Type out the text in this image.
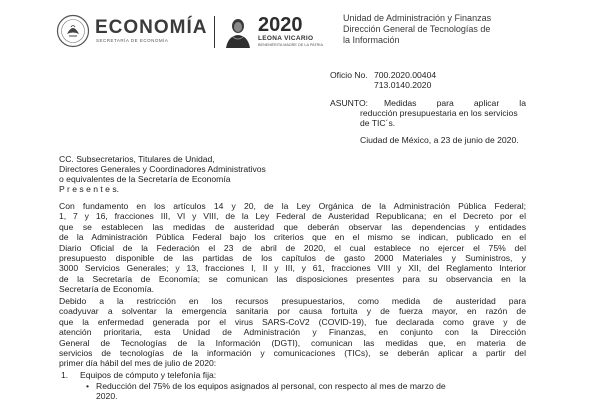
ECONOMÍA
SECRETARÍA DE ECONOMÍA
2020
LEONA VICARIO
BENEMÉRITA MADRE DE LA PATRIA
Unidad de Administración y Finanzas
Dirección General de Tecnologías de
la Información
Oficio No. 700.2020.00404
713.0140.2020
ASUNTO: Medidas para aplicar la
reducción presupuestaria en los servicios
de TIC´s.
Ciudad de México, a 23 de junio de 2020.
CC. Subsecretarios, Titulares de Unidad,
Directores Generales y Coordinadores Administrativos
o equivalentes de la Secretaría de Economía
P r e s e n t e s.
Con fundamento en los artículos 14 y 20, de la Ley Orgánica de la Administración Pública Federal;
1, 7 y 16, fracciones III, VI y VIII, de la Ley Federal de Austeridad Republicana; en el Decreto por el
que se establecen las medidas de austeridad que deberán observar las dependencias y entidades
de la Administración Pública Federal bajo los criterios que en el mismo se indican, publicado en el
Diario Oficial de la Federación el 23 de abril de 2020, el cual establece no ejercer el 75% del
presupuesto disponible de las partidas de los capítulos de gasto 2000 Materiales y Suministros, y
3000 Servicios Generales; y 13, fracciones I, II y III, y 61, fracciones VIII y XII, del Reglamento Interior
de la Secretaría de Economía; se comunican las disposiciones presentes para su observancia en la
Secretaría de Economía.
Debido a la restricción en los recursos presupuestarios, como medida de austeridad para
coadyuvar a solventar la emergencia sanitaria por causa fortuita y de fuerza mayor, en razón de
que la enfermedad generada por el virus SARS-CoV2 (COVID-19), fue declarada como grave y de
atención prioritaria, esta Unidad de Administración y Finanzas, en conjunto con la Dirección
General de Tecnologías de la Información (DGTI), comunican las medidas que, en materia de
servicios de tecnologías de la información y comunicaciones (TICs), se deberán aplicar a partir del
primer día hábil del mes de julio de 2020:
1. Equipos de cómputo y telefonía fija:
• Reducción del 75% de los equipos asignados al personal, con respecto al mes de marzo de
2020.
